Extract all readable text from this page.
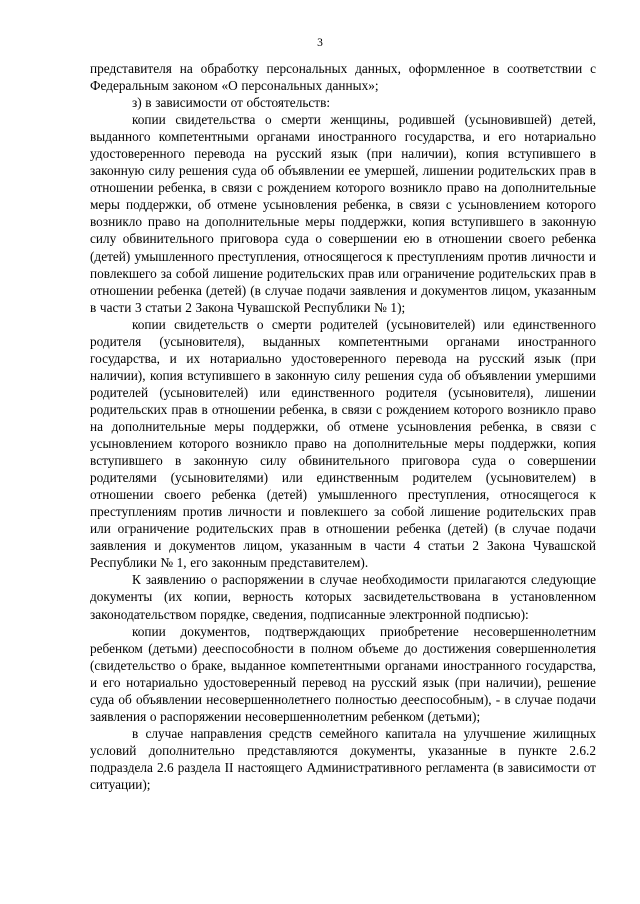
3

представителя на обработку персональных данных, оформленное в соответствии с Федеральным законом «О персональных данных»;

з) в зависимости от обстоятельств:

копии свидетельства о смерти женщины, родившей (усыновившей) детей, выданного компетентными органами иностранного государства, и его нотариально удостоверенного перевода на русский язык (при наличии), копия вступившего в законную силу решения суда об объявлении ее умершей, лишении родительских прав в отношении ребенка, в связи с рождением которого возникло право на дополнительные меры поддержки, об отмене усыновления ребенка, в связи с усыновлением которого возникло право на дополнительные меры поддержки, копия вступившего в законную силу обвинительного приговора суда о совершении ею в отношении своего ребенка (детей) умышленного преступления, относящегося к преступлениям против личности и повлекшего за собой лишение родительских прав или ограничение родительских прав в отношении ребенка (детей) (в случае подачи заявления и документов лицом, указанным в части 3 статьи 2 Закона Чувашской Республики № 1);

копии свидетельств о смерти родителей (усыновителей) или единственного родителя (усыновителя), выданных компетентными органами иностранного государства, и их нотариально удостоверенного перевода на русский язык (при наличии), копия вступившего в законную силу решения суда об объявлении умершими родителей (усыновителей) или единственного родителя (усыновителя), лишении родительских прав в отношении ребенка, в связи с рождением которого возникло право на дополнительные меры поддержки, об отмене усыновления ребенка, в связи с усыновлением которого возникло право на дополнительные меры поддержки, копия вступившего в законную силу обвинительного приговора суда о совершении родителями (усыновителями) или единственным родителем (усыновителем) в отношении своего ребенка (детей) умышленного преступления, относящегося к преступлениям против личности и повлекшего за собой лишение родительских прав или ограничение родительских прав в отношении ребенка (детей) (в случае подачи заявления и документов лицом, указанным в части 4 статьи 2 Закона Чувашской Республики № 1, его законным представителем).

К заявлению о распоряжении в случае необходимости прилагаются следующие документы (их копии, верность которых засвидетельствована в установленном законодательством порядке, сведения, подписанные электронной подписью):

копии документов, подтверждающих приобретение несовершеннолетним ребенком (детьми) дееспособности в полном объеме до достижения совершеннолетия (свидетельство о браке, выданное компетентными органами иностранного государства, и его нотариально удостоверенный перевод на русский язык (при наличии), решение суда об объявлении несовершеннолетнего полностью дееспособным), - в случае подачи заявления о распоряжении несовершеннолетним ребенком (детьми);

в случае направления средств семейного капитала на улучшение жилищных условий дополнительно представляются документы, указанные в пункте 2.6.2 подраздела 2.6 раздела II настоящего Административного регламента (в зависимости от ситуации);
